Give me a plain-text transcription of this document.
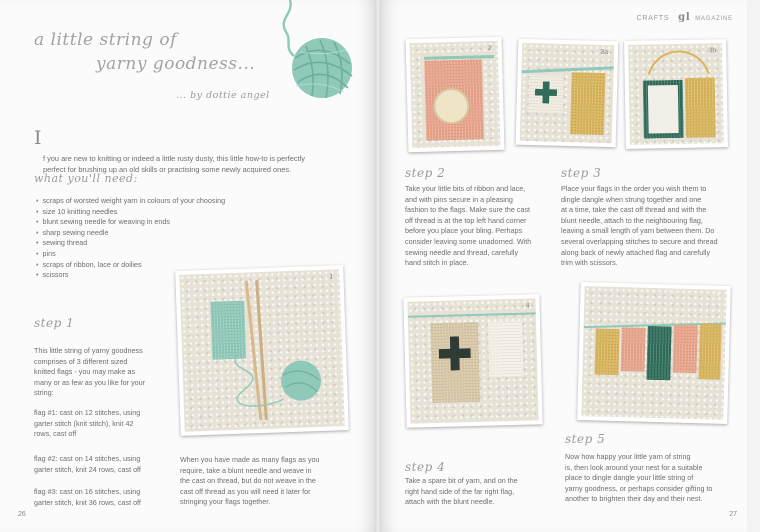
a little string of
yarny goodness...
... by dottie angel

I

f you are new to knitting or indeed a little rusty dusty, this little how-to is perfectly
perfect for brushing up an old skills or practising some newly acquired ones.

what you'll need:
• scraps of worsted weight yarn in colours of your choosing
• size 10 knitting needles
• blunt sewing needle for weaving in ends
• sharp sewing needle
• sewing thread
• pins
• scraps of ribbon, lace or doilies
• scissors
step 1
This little string of yarny goodness
comprises of 3 different sized
knitted flags - you may make as
many or as few as you like for your
string:
flag #1: cast on 12 stitches, using
garter stitch (knit stitch), knit 42
rows, cast off
flag #2: cast on 14 stitches, using
garter stitch, knit 24 rows, cast off
flag #3: cast on 16 stitches, using
garter stitch, knit 36 rows, cast off
When you have made as many flags as you
require, take a blunt needle and weave in
the cast on thread, but do not weave in the
cast off thread as you will need it later for
stringing your flags together.
1
26
CRAFTS gl MAGAZINE
2
3a	3b
step 2
Take your little bits of ribbon and lace,
and with pins secure in a pleasing
fashion to the flags. Make sure the cast
off thread is at the top left hand corner
before you place your bling. Perhaps
consider leaving some unadorned. With
sewing needle and thread, carefully
hand stitch in place.
step 3
Place your flags in the order you wish them to
dingle dangle when strung together and one
at a time, take the cast off thread and with the
blunt needle, attach to the neighbouring flag,
leaving a small length of yarn between them. Do
several overlapping stitches to secure and thread
along back of newly attached flag and carefully
trim with scissors.
4
5
step 4
Take a spare bit of yarn, and on the
right hand side of the far right flag,
attach with the blunt needle.
step 5
Now how happy your little yarn of string
is, then look around your nest for a suitable
place to dingle dangle your little string of
yarny goodness, or perhaps consider gifting to
another to brighten their day and their nest.
27
